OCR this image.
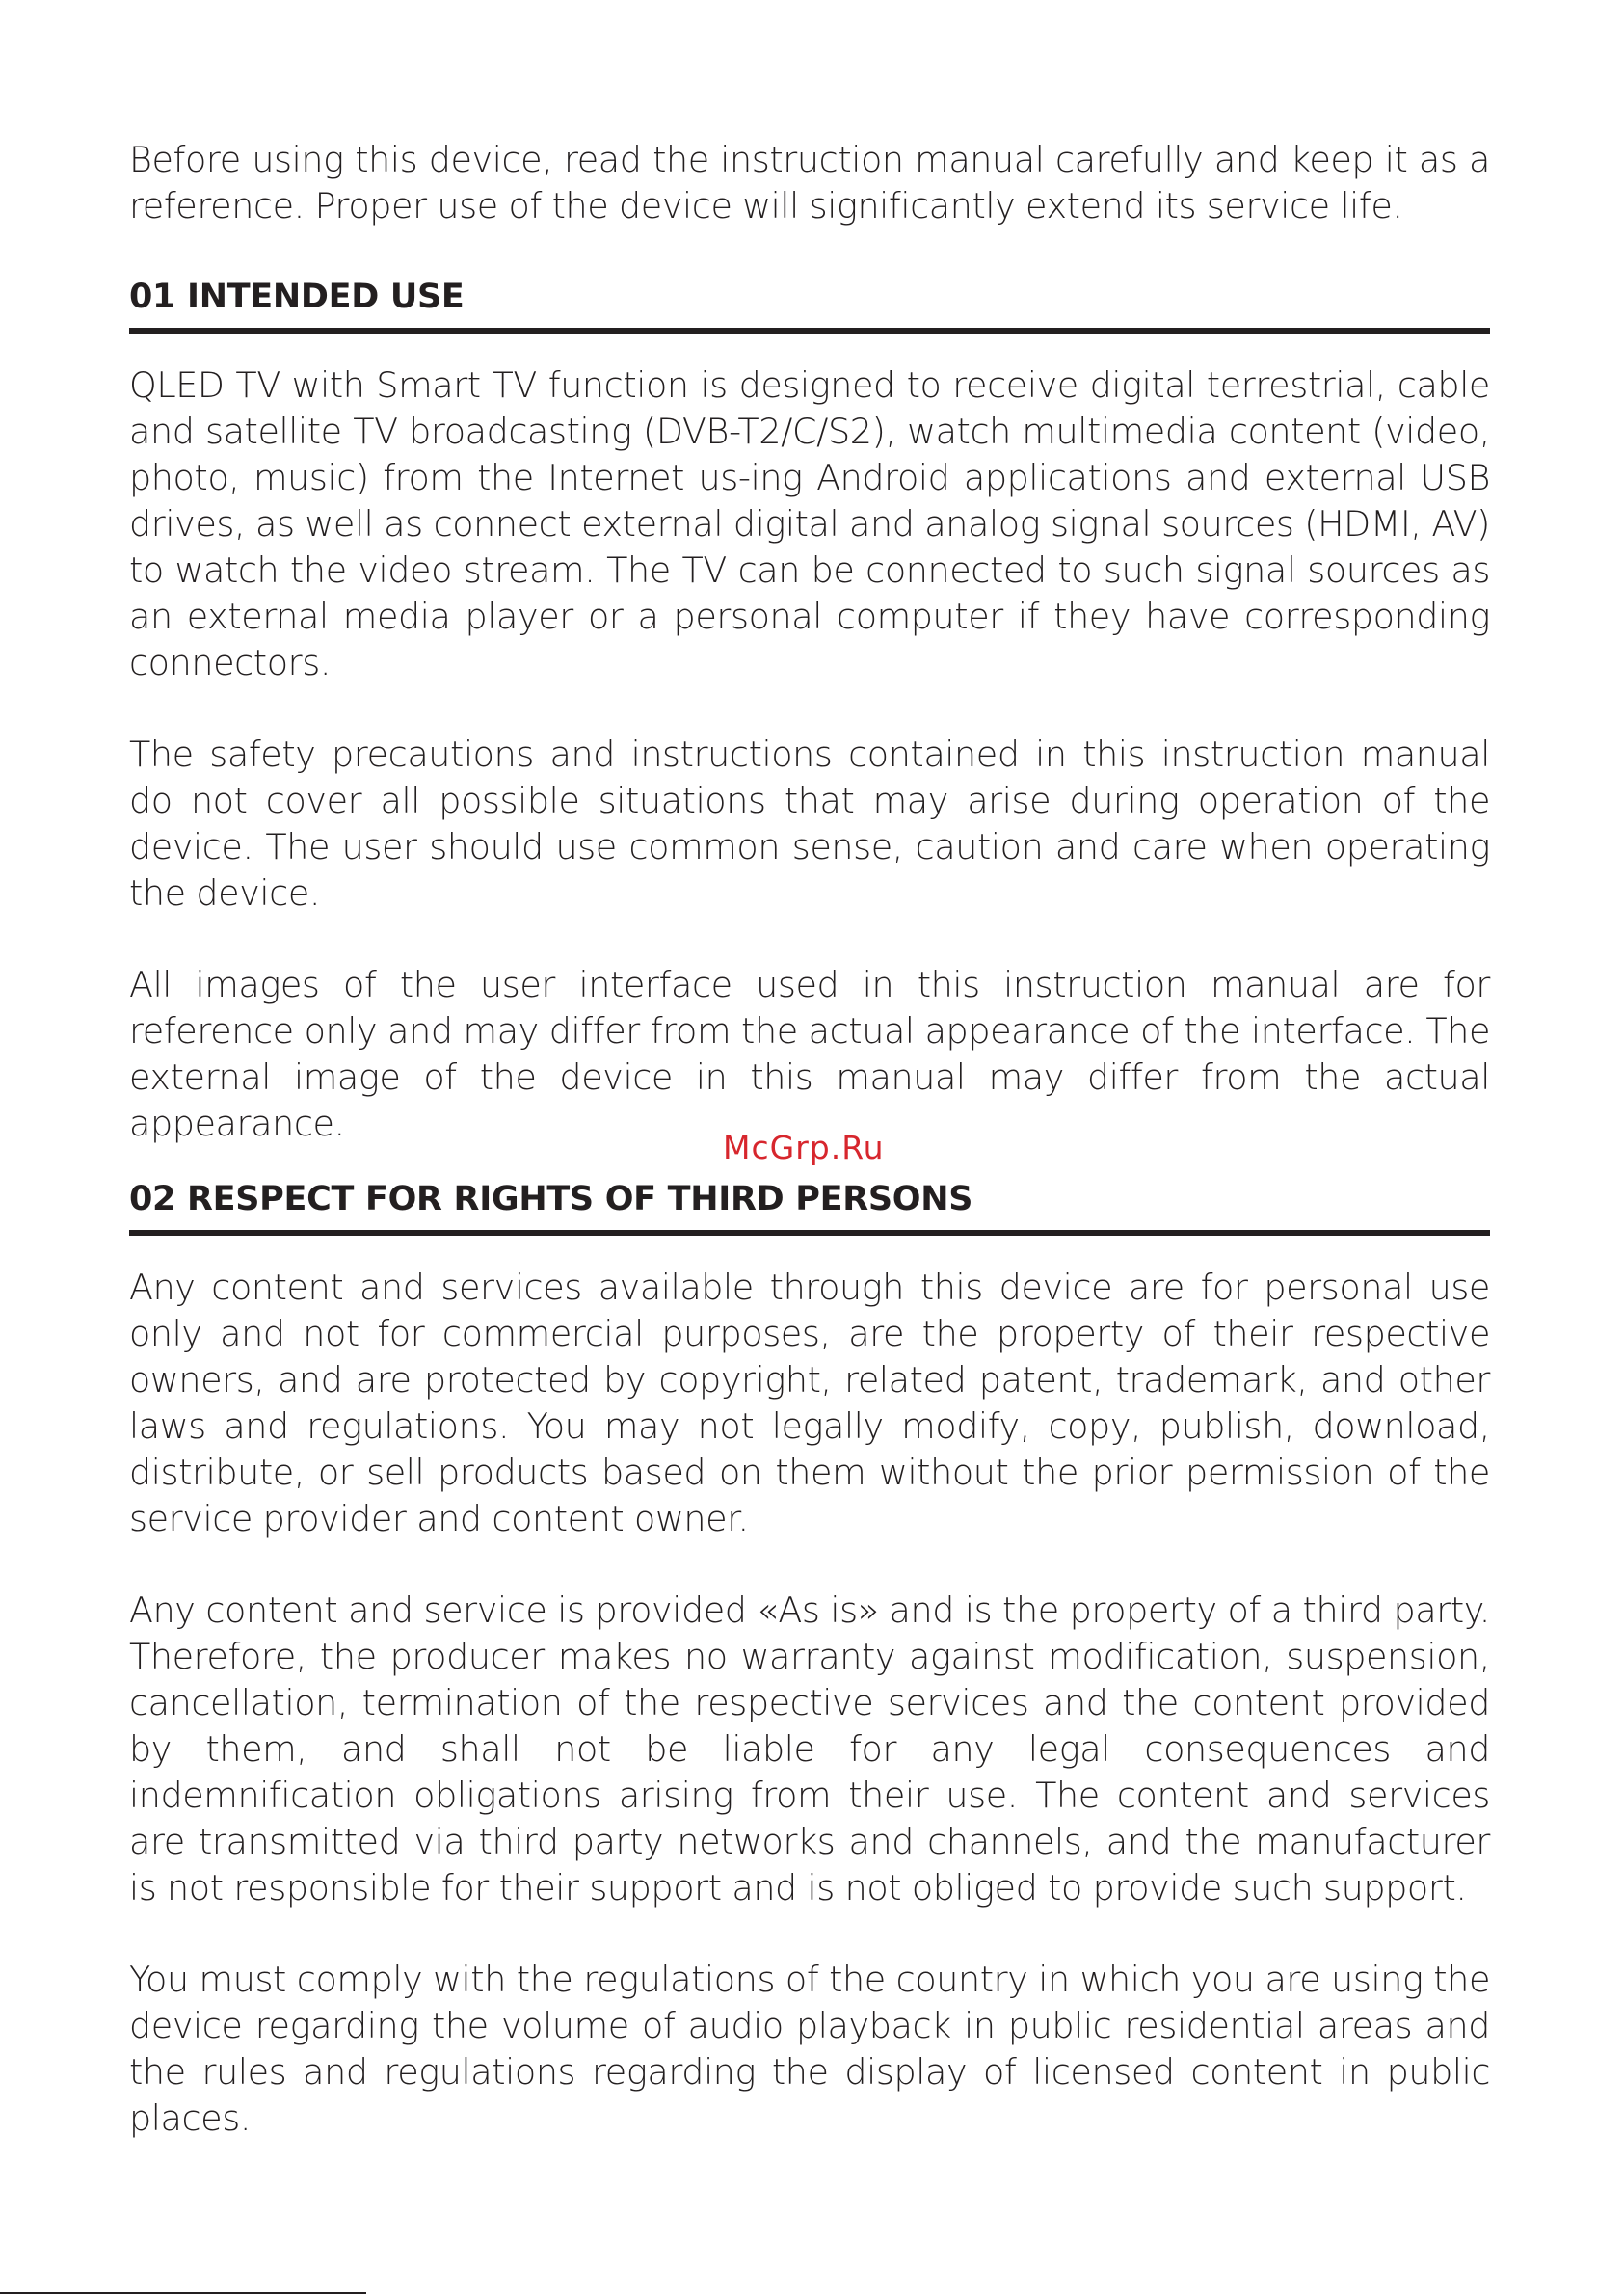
Before using this device, read the instruction manual carefully and keep it as a reference. Proper use of the device will significantly extend its service life.

01 INTENDED USE

QLED TV with Smart TV function is designed to receive digital terrestrial, cable and satellite TV broadcasting (DVB-T2/C/S2), watch multimedia content (video, photo, music) from the Internet us-ing Android applications and external USB drives, as well as connect external digital and analog signal sources (HDMI, AV) to watch the video stream. The TV can be connected to such signal sources as an external media player or a personal computer if they have corresponding connectors.

The safety precautions and instructions contained in this instruction manual do not cover all possible situations that may arise during operation of the device. The user should use common sense, caution and care when operating the device.

All images of the user interface used in this instruction manual are for reference only and may differ from the actual appearance of the interface. The external image of the device in this manual may differ from the actual appearance.

02 RESPECT FOR RIGHTS OF THIRD PERSONS

Any content and services available through this device are for personal use only and not for commercial purposes, are the property of their respective owners, and are protected by copyright, related patent, trademark, and other laws and regulations. You may not legally modify, copy, publish, download, distribute, or sell products based on them without the prior permission of the service provider and content owner.

Any content and service is provided «As is» and is the property of a third party. Therefore, the producer makes no warranty against modification, suspension, cancellation, termination of the respective services and the content provided by them, and shall not be liable for any legal consequences and indemnification obligations arising from their use. The content and services are transmitted via third party networks and channels, and the manufacturer is not responsible for their support and is not obliged to provide such support.

You must comply with the regulations of the country in which you are using the device regarding the volume of audio playback in public residential areas and the rules and regulations regarding the display of licensed content in public places.

McGrp.Ru
